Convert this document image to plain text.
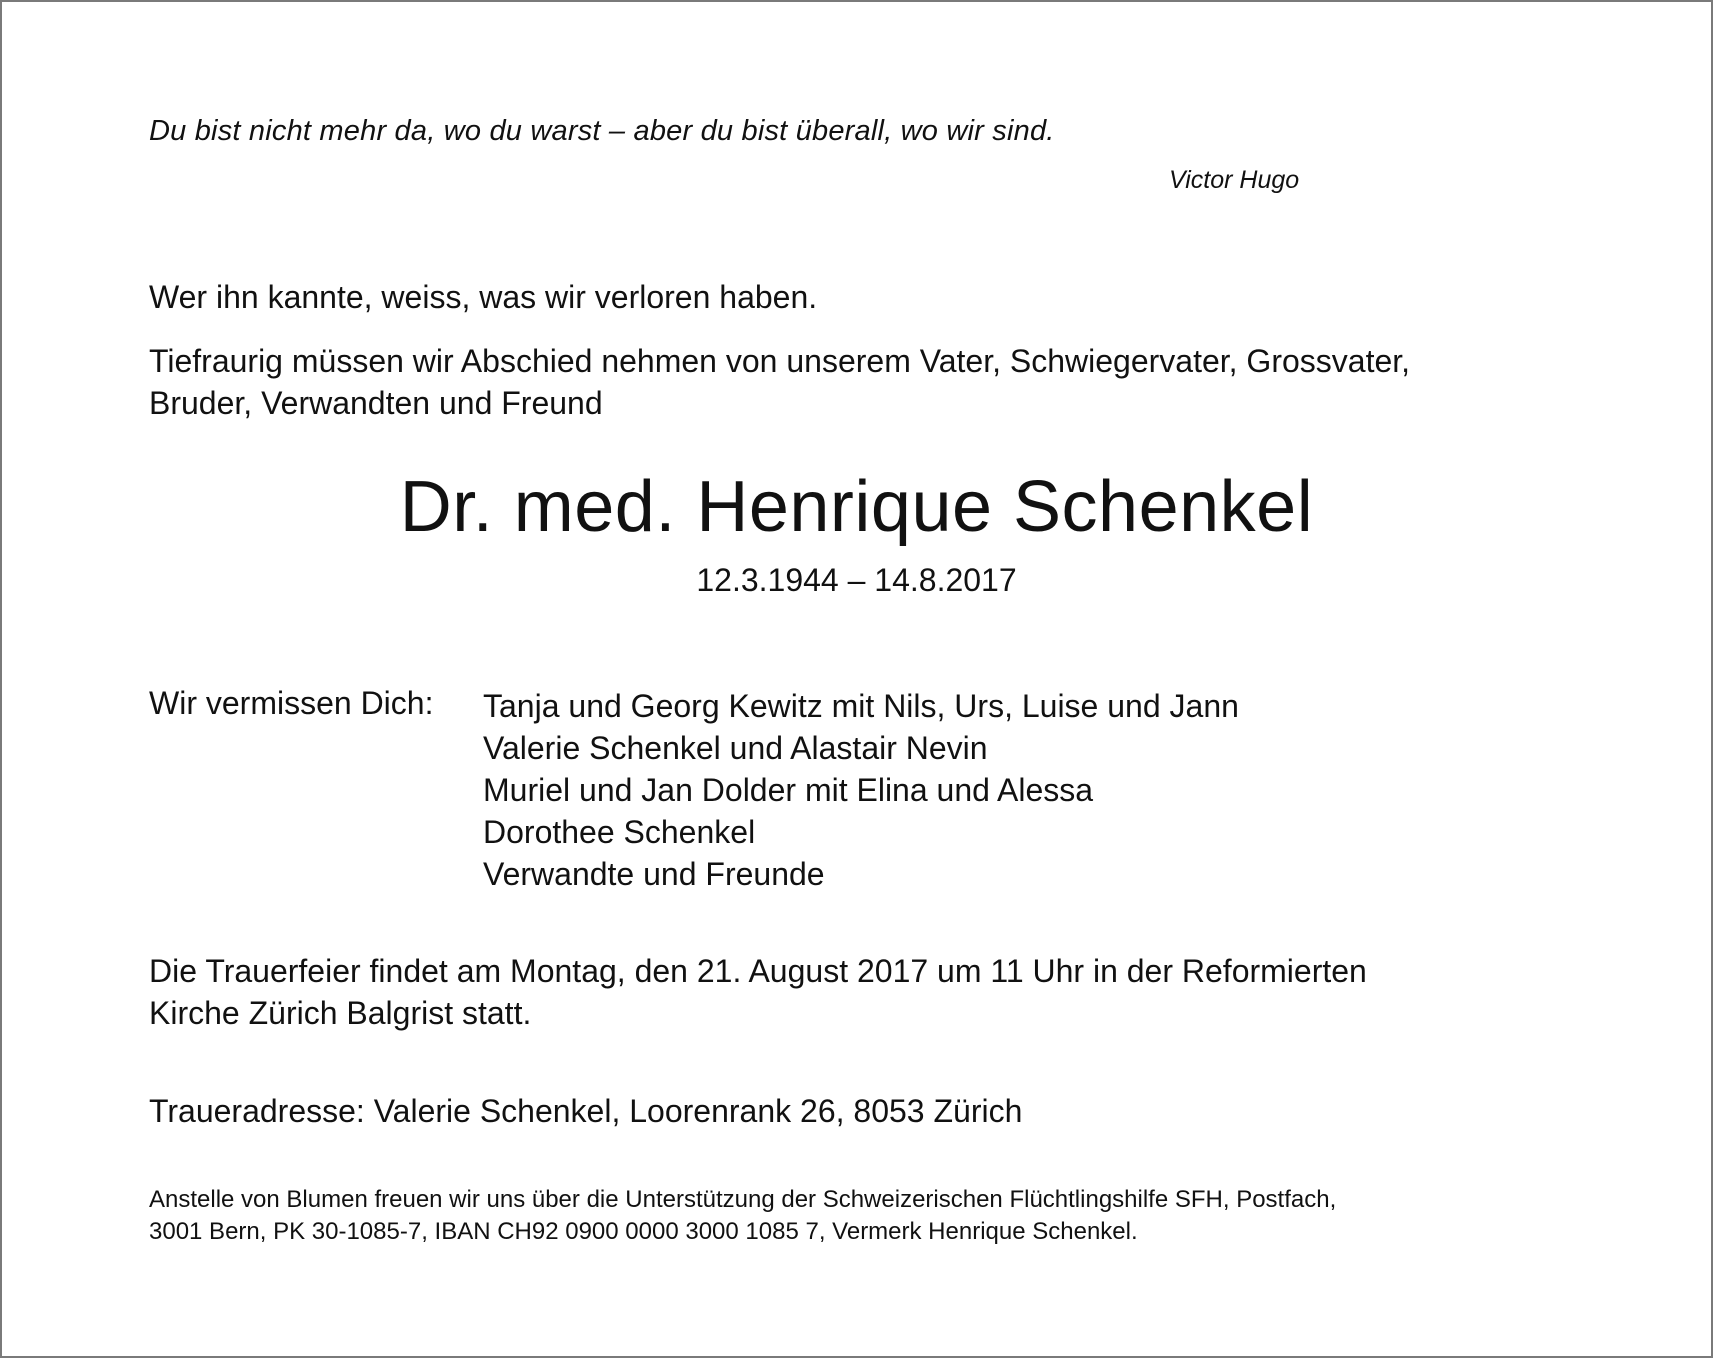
Du bist nicht mehr da, wo du warst – aber du bist überall, wo wir sind.

Victor Hugo

Wer ihn kannte, weiss, was wir verloren haben.

Tiefraurig müssen wir Abschied nehmen von unserem Vater, Schwiegervater, Grossvater,
Bruder, Verwandten und Freund
Dr. med. Henrique Schenkel

12.3.1944 – 14.8.2017

Wir vermissen Dich: Tanja und Georg Kewitz mit Nils, Urs, Luise und Jann
Valerie Schenkel und Alastair Nevin
Muriel und Jan Dolder mit Elina und Alessa
Dorothee Schenkel
Verwandte und Freunde
Die Trauerfeier findet am Montag, den 21. August 2017 um 11 Uhr in der Reformierten
Kirche Zürich Balgrist statt.

Traueradresse: Valerie Schenkel, Loorenrank 26, 8053 Zürich

Anstelle von Blumen freuen wir uns über die Unterstützung der Schweizerischen Flüchtlingshilfe SFH, Postfach,
3001 Bern, PK 30-1085-7, IBAN CH92 0900 0000 3000 1085 7, Vermerk Henrique Schenkel.
